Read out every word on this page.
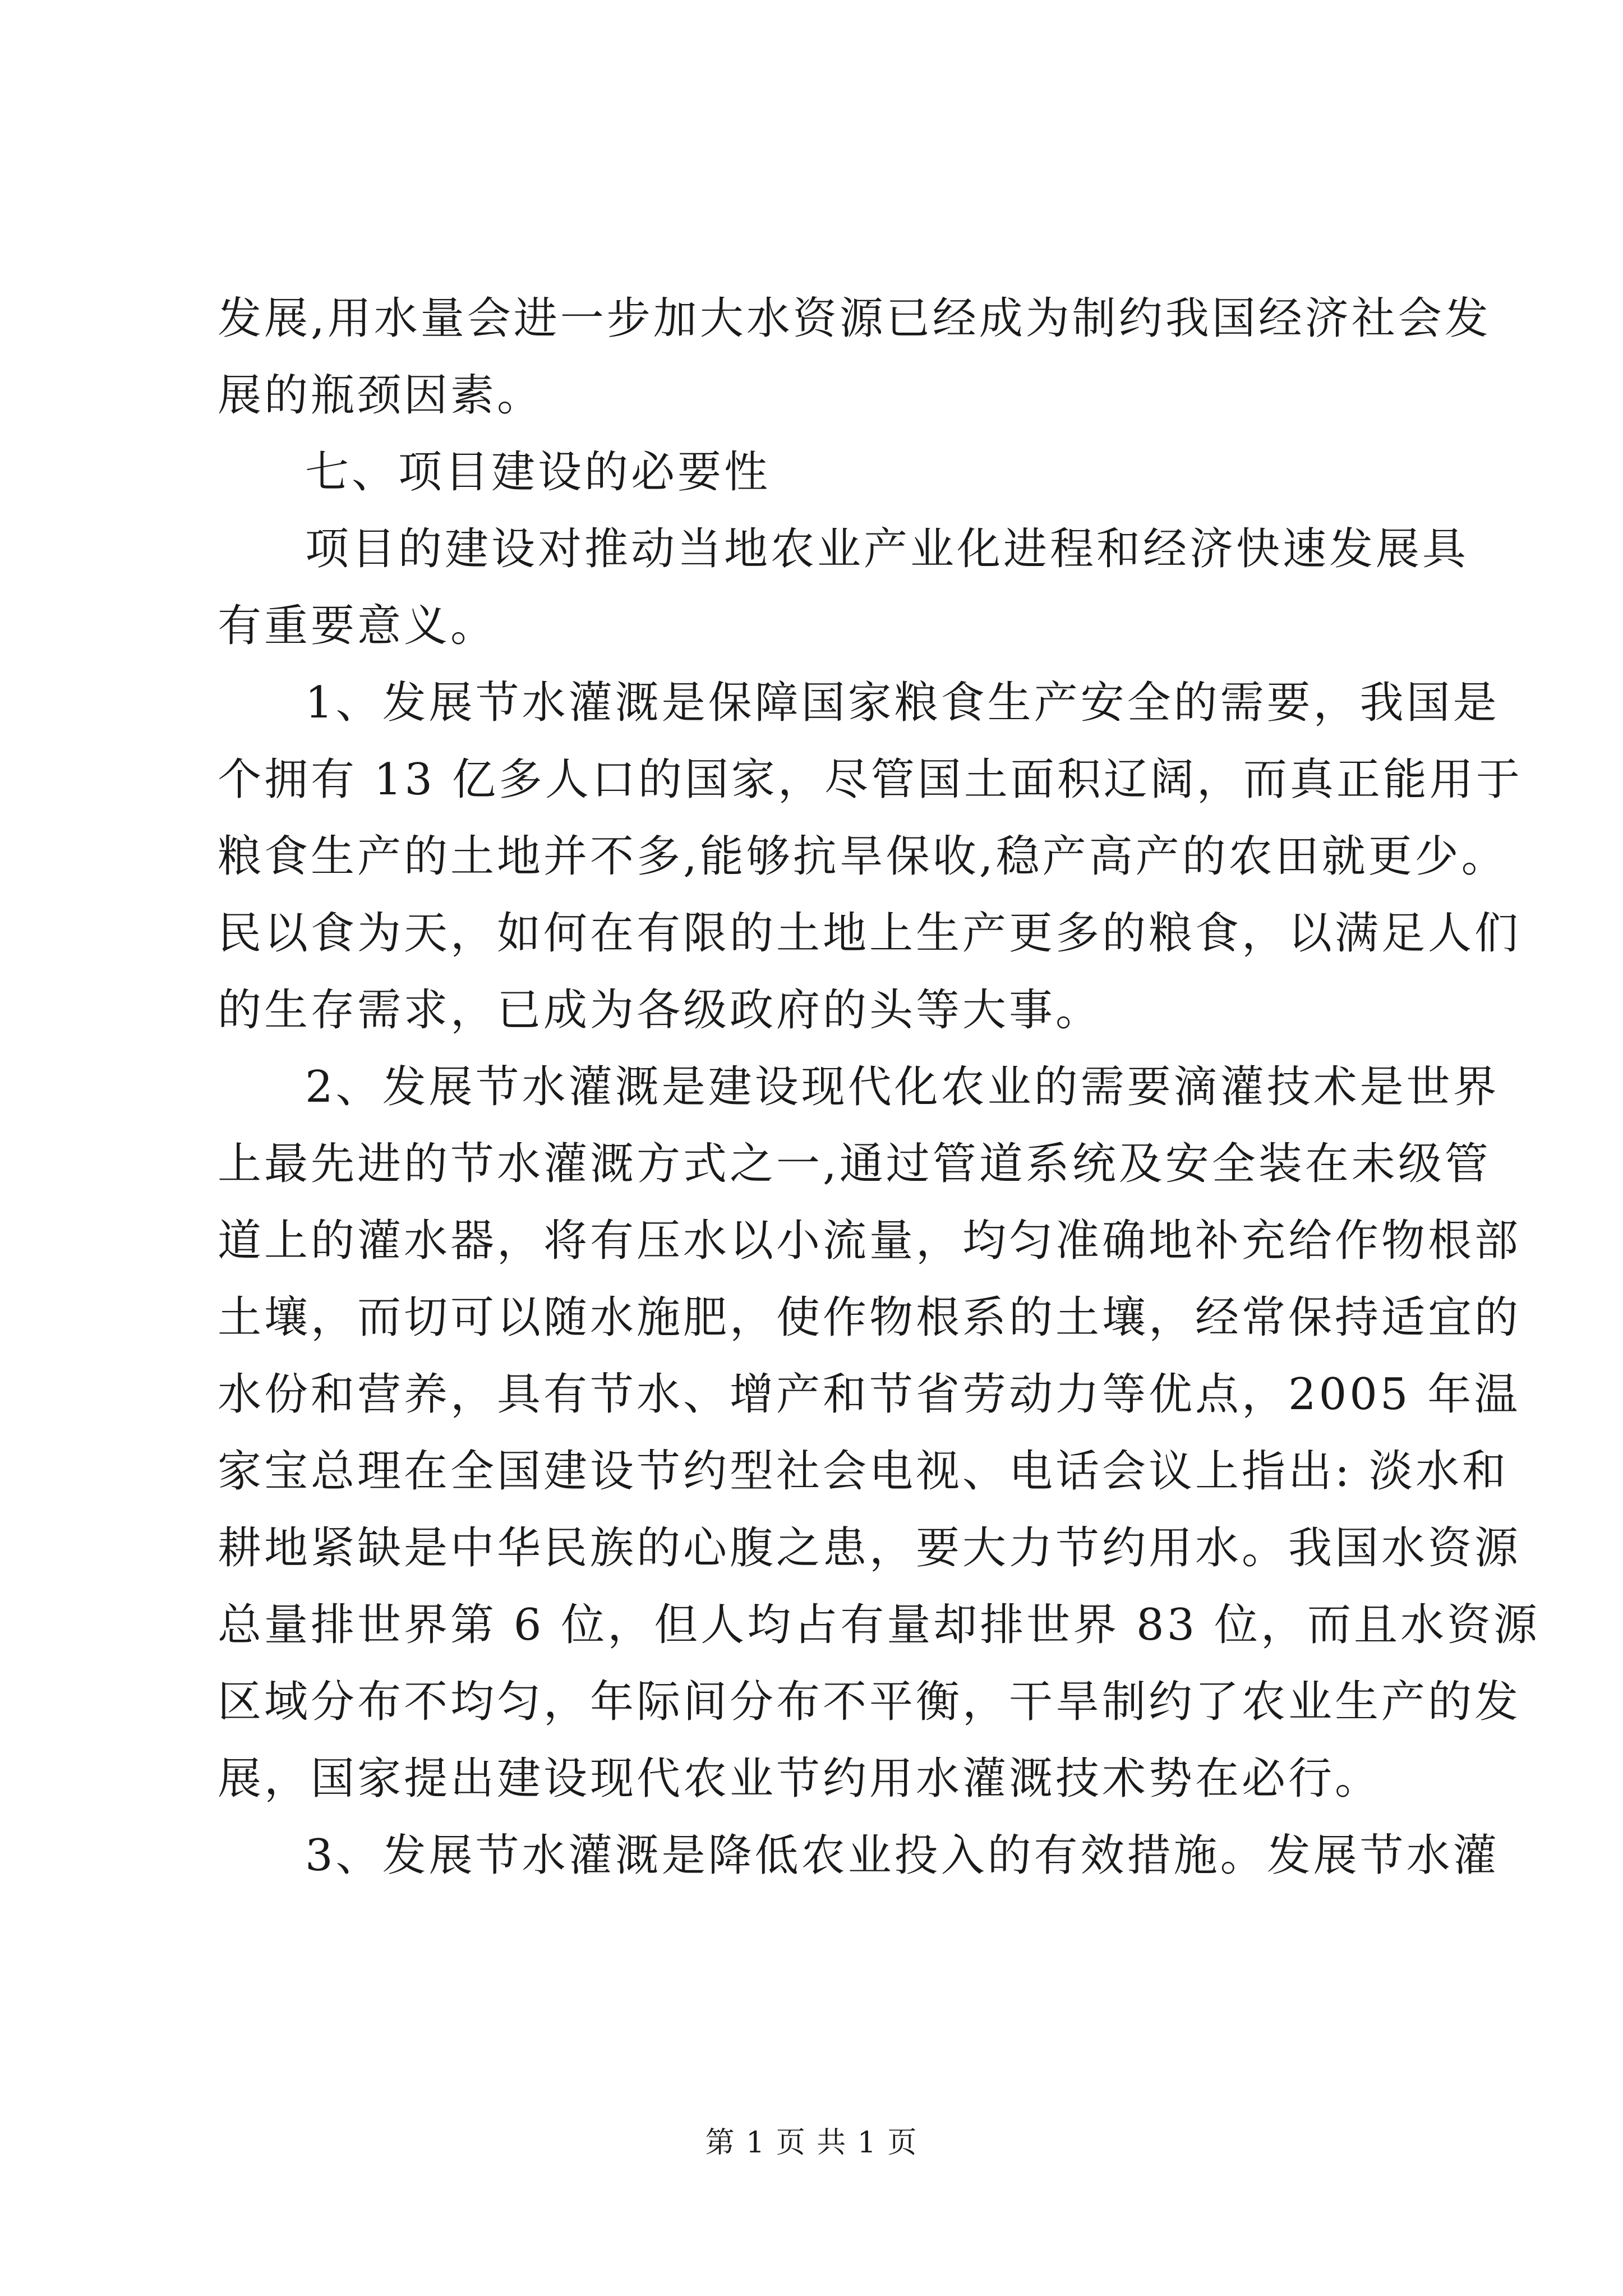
发展,用水量会进一步加大水资源已经成为制约我国经济社会发
展的瓶颈因素。
七、项目建设的必要性
项目的建设对推动当地农业产业化进程和经济快速发展具
有重要意义。
1、发展节水灌溉是保障国家粮食生产安全的需要，我国是
个拥有 13 亿多人口的国家，尽管国土面积辽阔，而真正能用于
粮食生产的土地并不多,能够抗旱保收,稳产高产的农田就更少。
民以食为天，如何在有限的土地上生产更多的粮食，以满足人们
的生存需求，已成为各级政府的头等大事。
2、发展节水灌溉是建设现代化农业的需要滴灌技术是世界
上最先进的节水灌溉方式之一,通过管道系统及安全装在未级管
道上的灌水器，将有压水以小流量，均匀准确地补充给作物根部
土壤，而切可以随水施肥，使作物根系的土壤，经常保持适宜的
水份和营养，具有节水、增产和节省劳动力等优点，2005 年温
家宝总理在全国建设节约型社会电视、电话会议上指出: 淡水和
耕地紧缺是中华民族的心腹之患，要大力节约用水。我国水资源
总量排世界第 6 位，但人均占有量却排世界 83 位，而且水资源
区域分布不均匀，年际间分布不平衡，干旱制约了农业生产的发
展，国家提出建设现代农业节约用水灌溉技术势在必行。
3、发展节水灌溉是降低农业投入的有效措施。发展节水灌
第 1 页 共 1 页
